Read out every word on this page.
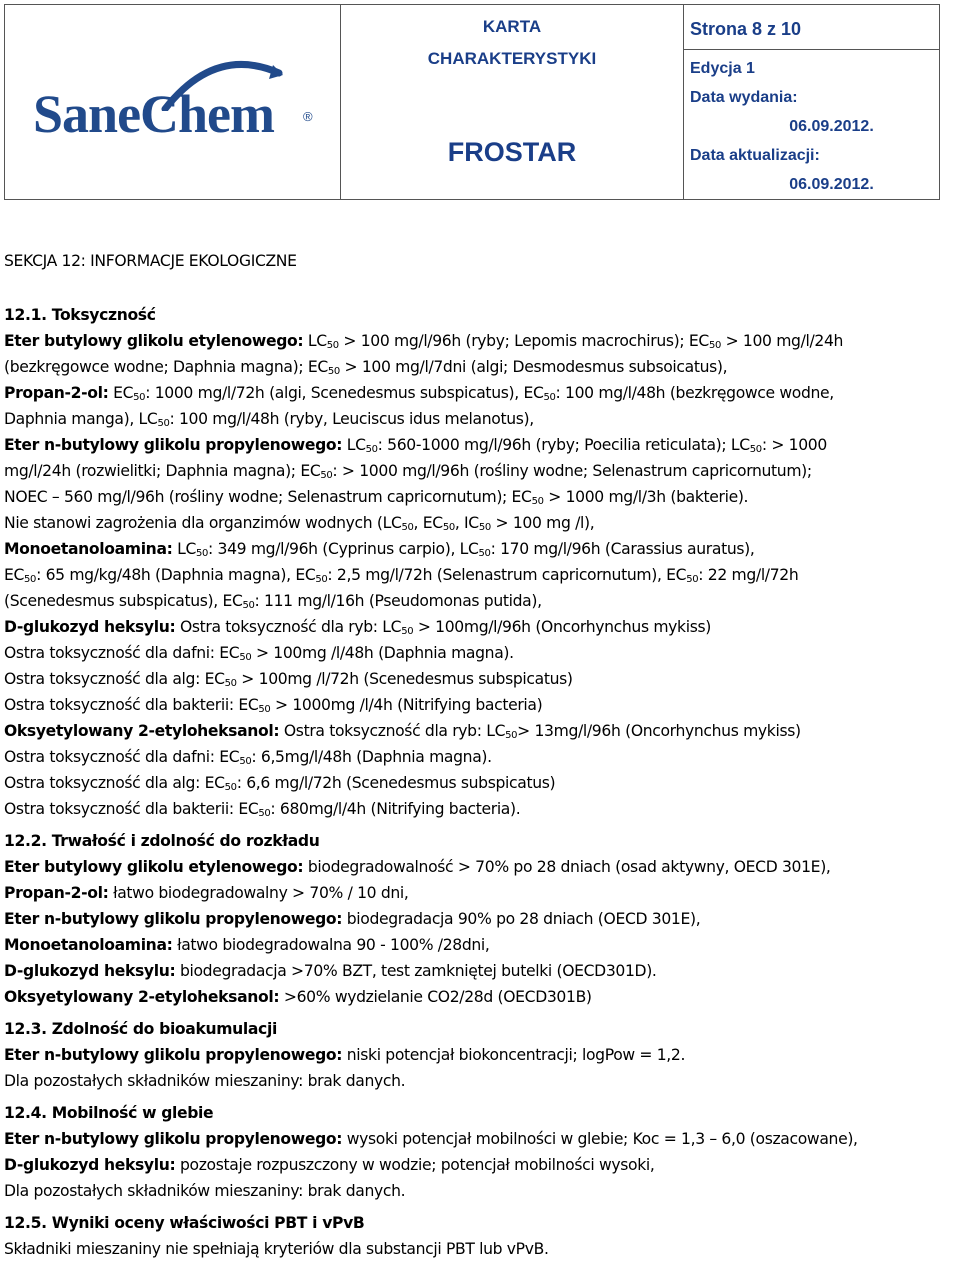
SaneChem ®

KARTA
CHARAKTERYSTYKI
FROSTAR

Strona 8 z 10
Edycja 1
Data wydania:
06.09.2012.
Data aktualizacji:
06.09.2012.

SEKCJA 12: INFORMACJE EKOLOGICZNE

12.1. Toksyczność

Eter butylowy glikolu etylenowego: $LC_{50} > 100$ mg/l/96h (ryby; Lepomis macrochirus); $EC_{50} > 100$ mg/l/24h

(bezkręgowce wodne; Daphnia magna); $EC_{50} > 100$ mg/l/7dni (algi; Desmodesmus subsoicatus),

Propan-2-ol: $EC_{50}$: 1000 mg/l/72h (algi, Scenedesmus subspicatus), $EC_{50}$: 100 mg/l/48h (bezkręgowce wodne,

Daphnia manga), $LC_{50}$: 100 mg/l/48h (ryby, Leuciscus idus melanotus),

Eter n-butylowy glikolu propylenowego: $LC_{50}$: 560-1000 mg/l/96h (ryby; Poecilia reticulata); $LC_{50}$: > 1000

mg/l/24h (rozwielitki; Daphnia magna); $EC_{50}$: > 1000 mg/l/96h (rośliny wodne; Selenastrum capricornutum);

NOEC – 560 mg/l/96h (rośliny wodne; Selenastrum capricornutum); $EC_{50} > 1000$ mg/l/3h (bakterie).

Nie stanowi zagrożenia dla organzimów wodnych ($LC_{50}$, $EC_{50}$, $IC_{50} > 100$ mg /l),

Monoetanoloamina: $LC_{50}$: 349 mg/l/96h (Cyprinus carpio), $LC_{50}$: 170 mg/l/96h (Carassius auratus),

$EC_{50}$: 65 mg/kg/48h (Daphnia magna), $EC_{50}$: 2,5 mg/l/72h (Selenastrum capricornutum), $EC_{50}$: 22 mg/l/72h

(Scenedesmus subspicatus), $EC_{50}$: 111 mg/l/16h (Pseudomonas putida),

D-glukozyd heksylu: Ostra toksyczność dla ryb: $LC_{50} > 100mg/l/96h$ (Oncorhynchus mykiss)

Ostra toksyczność dla dafni: $EC_{50} > 100mg$ /l/48h (Daphnia magna).

Ostra toksyczność dla alg: $EC_{50} > 100mg$ /l/72h (Scenedesmus subspicatus)

Ostra toksyczność dla bakterii: $EC_{50} > 1000mg$ /l/4h (Nitrifying bacteria)

Oksyetylowany 2-etyloheksanol: Ostra toksyczność dla ryb: $LC_{50}> 13mg/l/96h$ (Oncorhynchus mykiss)

Ostra toksyczność dla dafni: $EC_{50}$: 6,5mg/l/48h (Daphnia magna).

Ostra toksyczność dla alg: $EC_{50}$: 6,6 mg/l/72h (Scenedesmus subspicatus)

Ostra toksyczność dla bakterii: $EC_{50}$: 680mg/l/4h (Nitrifying bacteria).

12.2. Trwałość i zdolność do rozkładu

Eter butylowy glikolu etylenowego: biodegradowalność > 70% po 28 dniach (osad aktywny, OECD 301E),

Propan-2-ol: łatwo biodegradowalny > 70% / 10 dni,

Eter n-butylowy glikolu propylenowego: biodegradacja 90% po 28 dniach (OECD 301E),

Monoetanoloamina: łatwo biodegradowalna 90 - 100% /28dni,

D-glukozyd heksylu: biodegradacja >70% BZT, test zamkniętej butelki (OECD301D).

Oksyetylowany 2-etyloheksanol: >60% wydzielanie CO2/28d (OECD301B)

12.3. Zdolność do bioakumulacji

Eter n-butylowy glikolu propylenowego: niski potencjał biokoncentracji; logPow = 1,2.

Dla pozostałych składników mieszaniny: brak danych.

12.4. Mobilność w glebie

Eter n-butylowy glikolu propylenowego: wysoki potencjał mobilności w glebie; Koc = 1,3 – 6,0 (oszacowane),

D-glukozyd heksylu: pozostaje rozpuszczony w wodzie; potencjał mobilności wysoki,

Dla pozostałych składników mieszaniny: brak danych.

12.5. Wyniki oceny właściwości PBT i vPvB

Składniki mieszaniny nie spełniają kryteriów dla substancji PBT lub vPvB.
